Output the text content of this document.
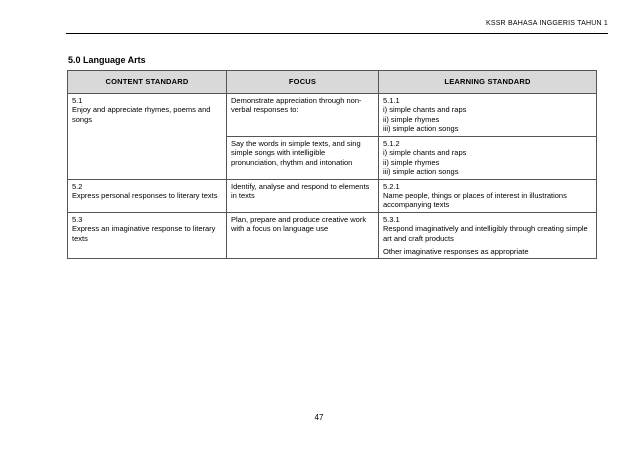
KSSR BAHASA INGGERIS TAHUN 1
5.0 Language Arts
CONTENT STANDARD	FOCUS	LEARNING STANDARD

5.1
Enjoy and appreciate rhymes, poems and songs	Demonstrate appreciation through non-verbal responses to:	5.1.1
i) simple chants and raps
ii) simple rhymes
iii) simple action songs

	Say the words in simple texts, and sing simple songs with intelligible pronunciation, rhythm and intonation	5.1.2
i) simple chants and raps
ii) simple rhymes
iii) simple action songs

5.2
Express personal responses to literary texts	Identify, analyse and respond to elements in texts	5.2.1
Name people, things or places of interest in illustrations accompanying texts

5.3
Express an imaginative response to literary texts	Plan, prepare and produce creative work with a focus on language use	5.3.1
Respond imaginatively and intelligibly through creating simple art and craft products
Other imaginative responses as appropriate
47
